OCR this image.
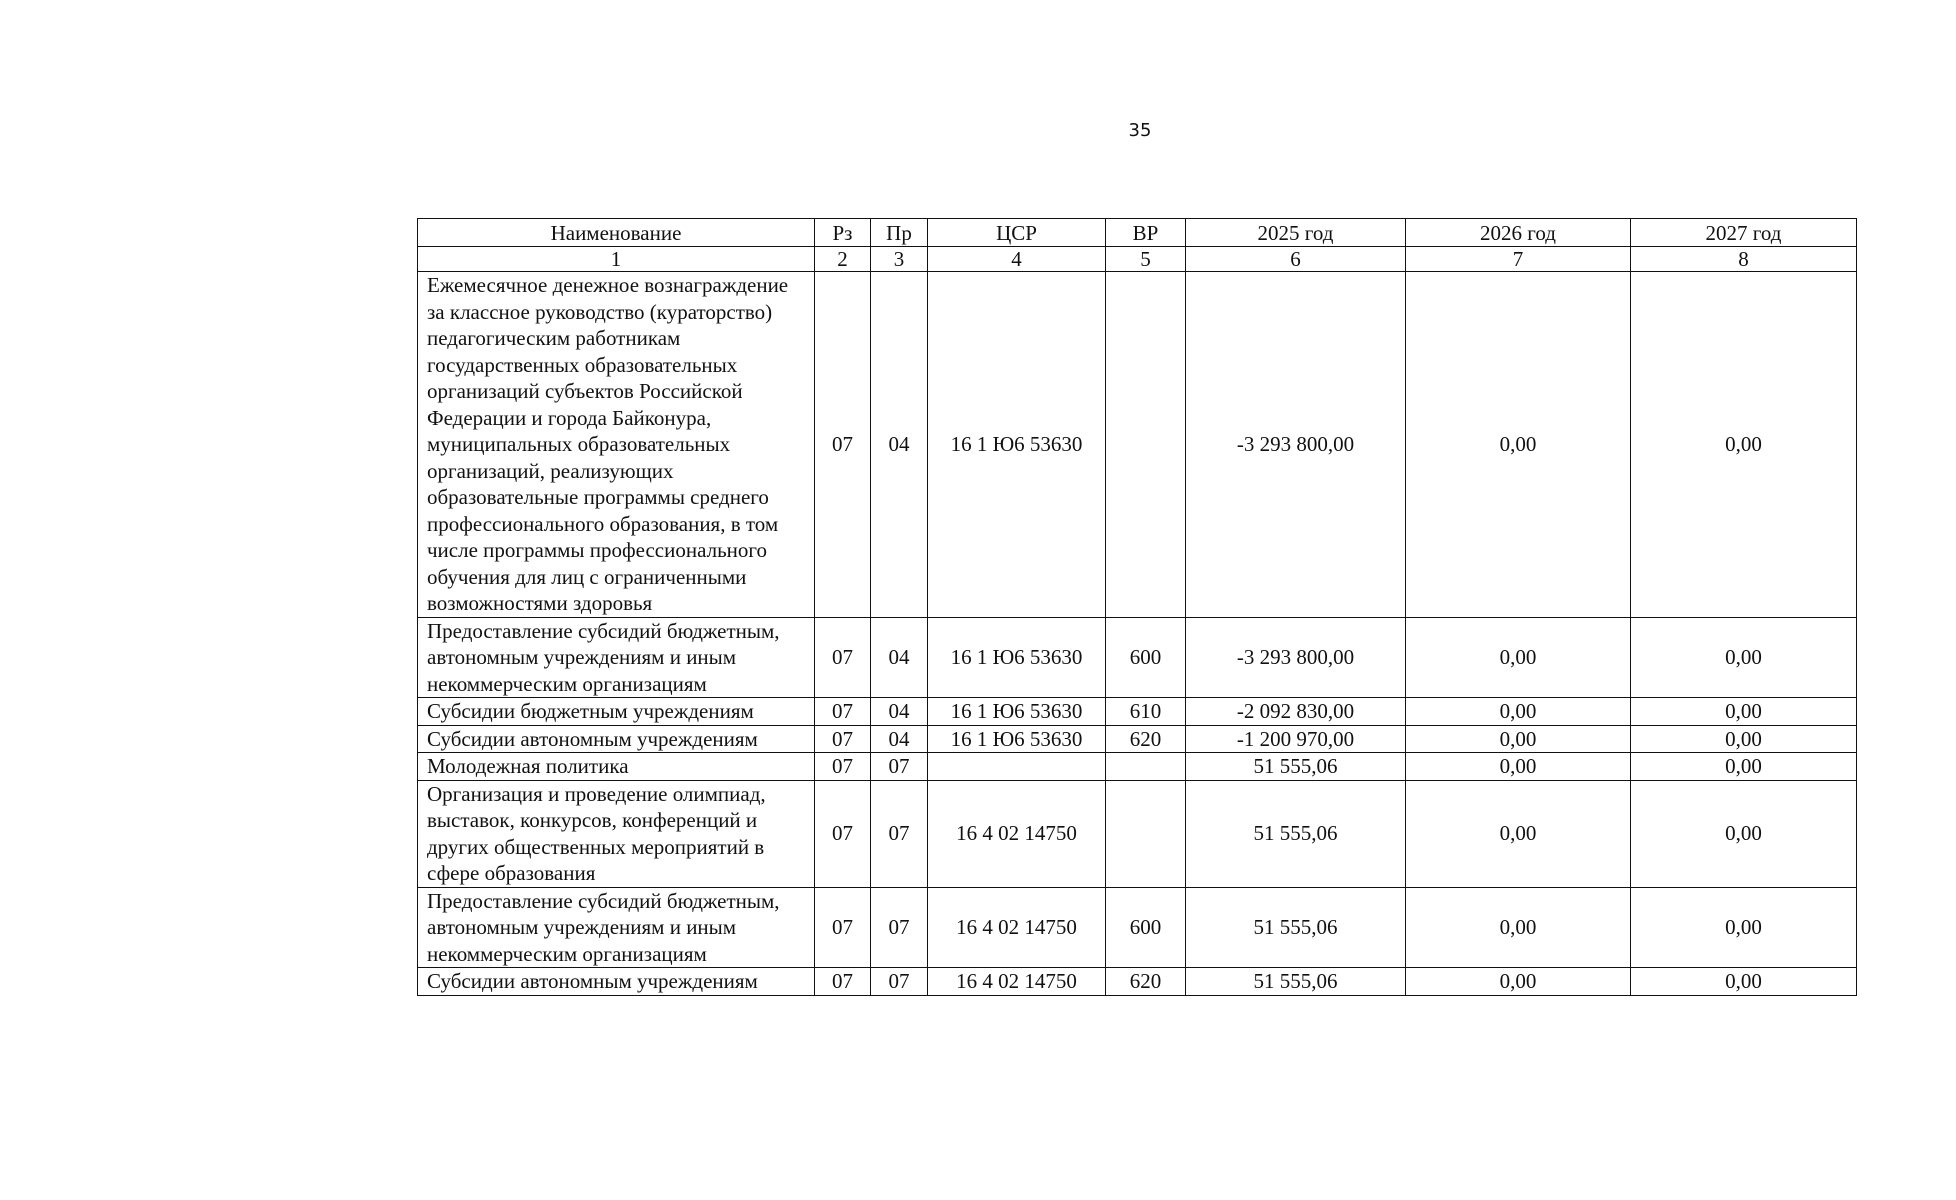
35
Наименование	Рз	Пр	ЦСР	ВР	2025 год	2026 год	2027 год
1	2	3	4	5	6	7	8
Ежемесячное денежное вознаграждение за классное руководство (кураторство) педагогическим работникам государственных образовательных организаций субъектов Российской Федерации и города Байконура, муниципальных образовательных организаций, реализующих образовательные программы среднего профессионального образования, в том числе программы профессионального обучения для лиц с ограниченными возможностями здоровья	07	04	16 1 Ю6 53630		-3 293 800,00	0,00	0,00
Предоставление субсидий бюджетным, автономным учреждениям и иным некоммерческим организациям	07	04	16 1 Ю6 53630	600	-3 293 800,00	0,00	0,00
Субсидии бюджетным учреждениям	07	04	16 1 Ю6 53630	610	-2 092 830,00	0,00	0,00
Субсидии автономным учреждениям	07	04	16 1 Ю6 53630	620	-1 200 970,00	0,00	0,00
Молодежная политика	07	07			51 555,06	0,00	0,00
Организация и проведение олимпиад, выставок, конкурсов, конференций и других общественных мероприятий в сфере образования	07	07	16 4 02 14750		51 555,06	0,00	0,00
Предоставление субсидий бюджетным, автономным учреждениям и иным некоммерческим организациям	07	07	16 4 02 14750	600	51 555,06	0,00	0,00
Субсидии автономным учреждениям	07	07	16 4 02 14750	620	51 555,06	0,00	0,00
